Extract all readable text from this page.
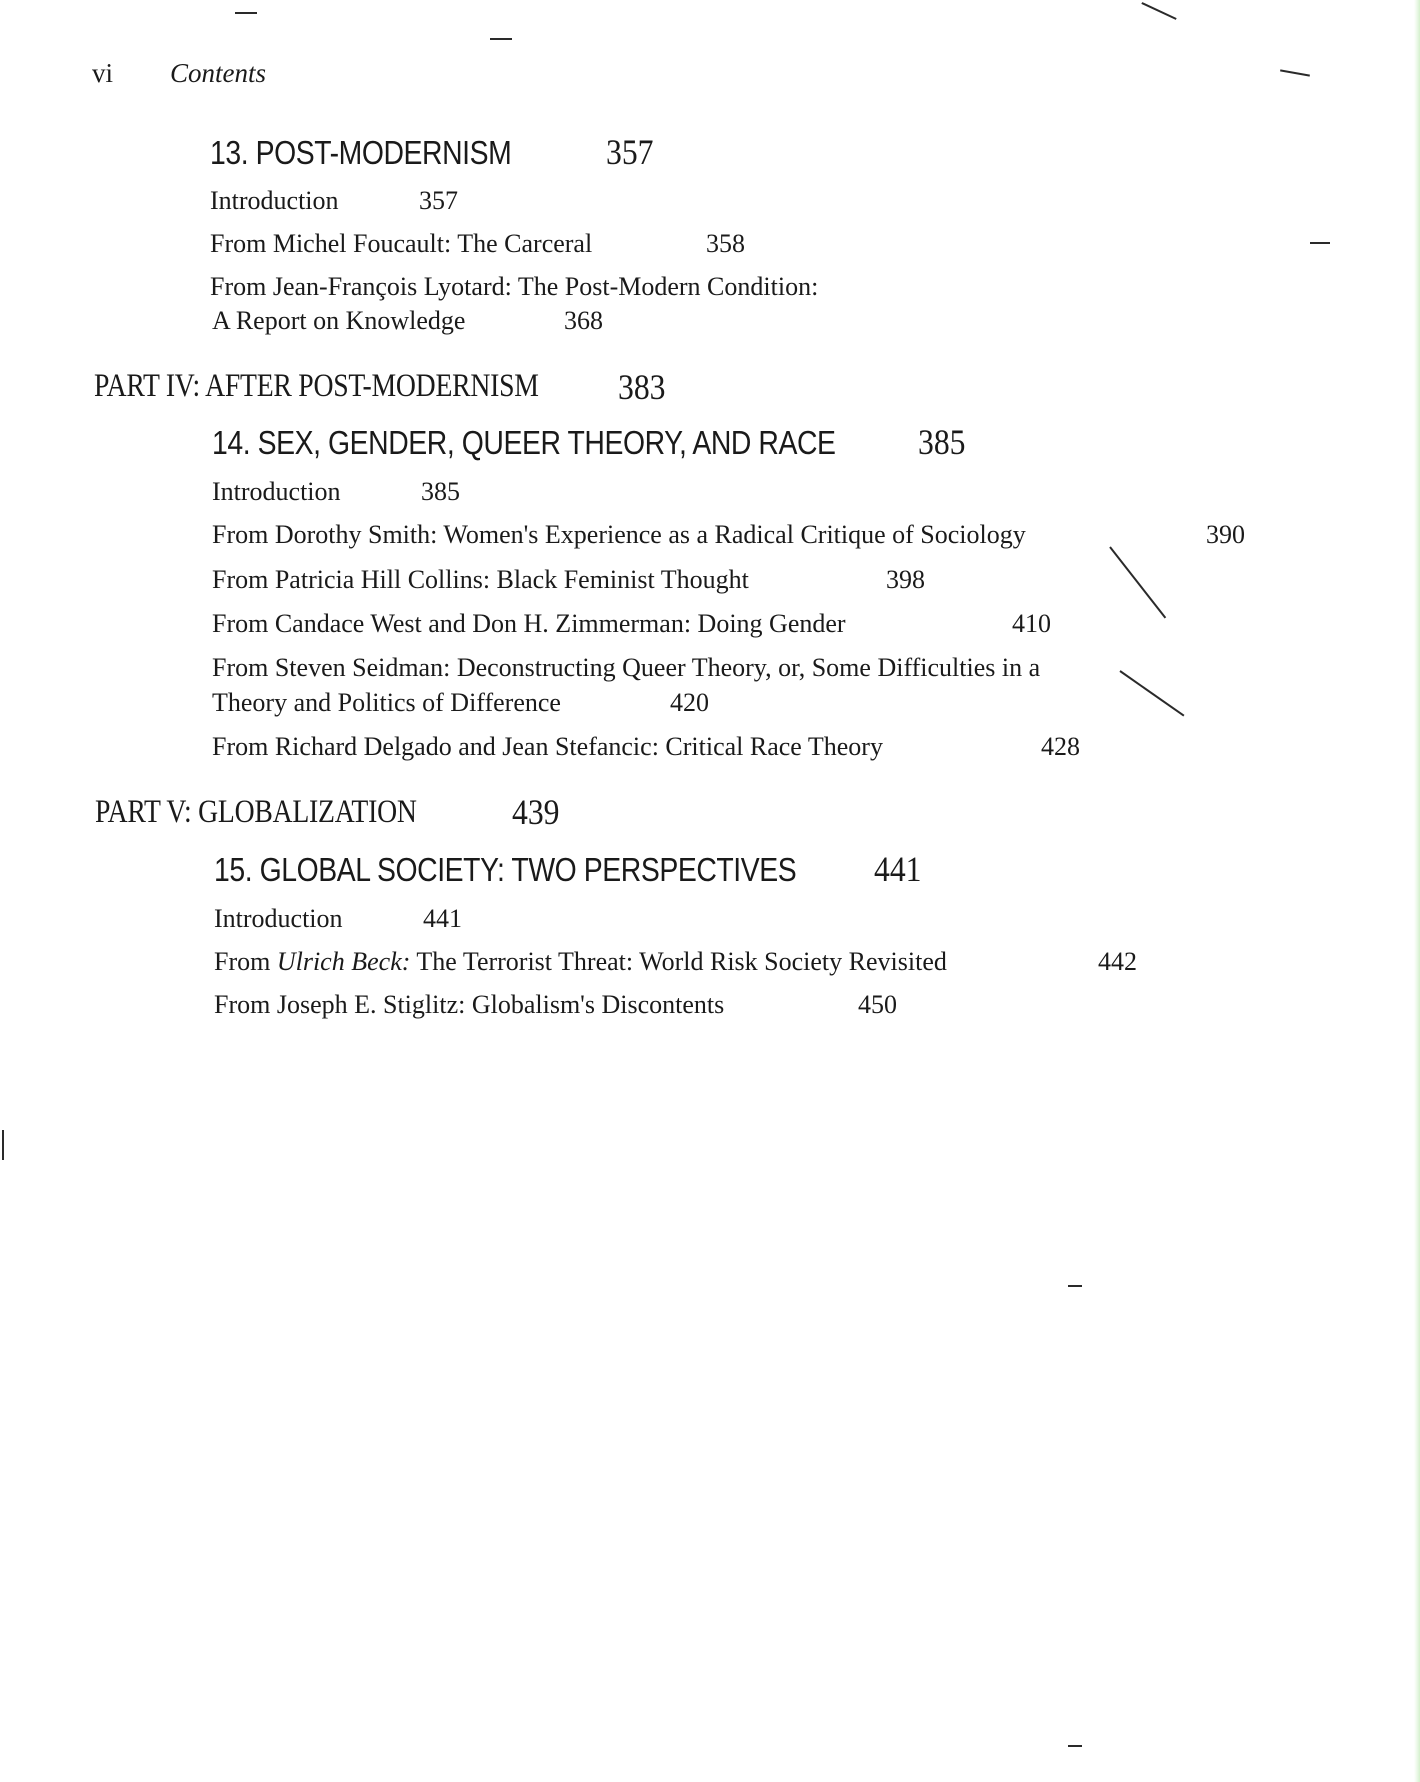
vi Contents
13. POST-MODERNISM	357
Introduction	357
From Michel Foucault: The Carceral	358
From Jean-François Lyotard: The Post-Modern Condition:
A Report on Knowledge	368
PART IV: AFTER POST-MODERNISM 383
14. SEX, GENDER, QUEER THEORY, AND RACE 385
Introduction	385
From Dorothy Smith: Women's Experience as a Radical Critique of Sociology	390
From Patricia Hill Collins: Black Feminist Thought	398
From Candace West and Don H. Zimmerman: Doing Gender	410
From Steven Seidman: Deconstructing Queer Theory, or, Some Difficulties in a
Theory and Politics of Difference	420
From Richard Delgado and Jean Stefancic: Critical Race Theory	428
PART V: GLOBALIZATION	439
15. GLOBAL SOCIETY: TWO PERSPECTIVES 441
Introduction	441
From Ulrich Beck: The Terrorist Threat: World Risk Society Revisited	442
From Joseph E. Stiglitz: Globalism's Discontents	450
